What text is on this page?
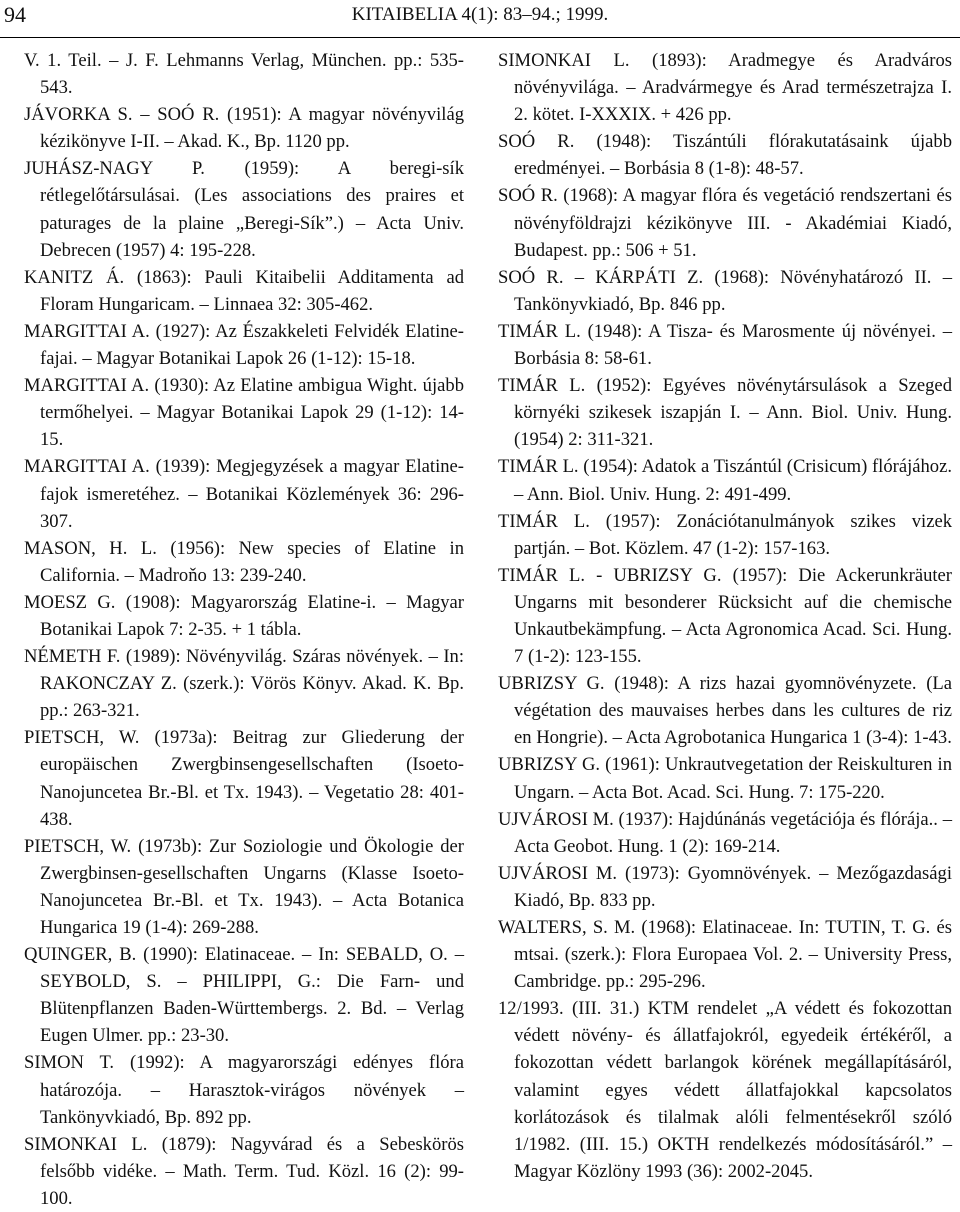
94	KITAIBELIA 4(1): 83–94.; 1999.

V. 1. Teil. – J. F. Lehmanns Verlag, München. pp.: 535-543.

JÁVORKA S. – SOÓ R. (1951): A magyar növényvilág kézikönyve I-II. – Akad. K., Bp. 1120 pp.

JUHÁSZ-NAGY P. (1959): A beregi-sík rétlegelőtársulásai. (Les associations des praires et paturages de la plaine „Beregi-Sík”.) – Acta Univ. Debrecen (1957) 4: 195-228.

KANITZ Á. (1863): Pauli Kitaibelii Additamenta ad Floram Hungaricam. – Linnaea 32: 305-462.

MARGITTAI A. (1927): Az Északkeleti Felvidék Elatine-fajai. – Magyar Botanikai Lapok 26 (1-12): 15-18.

MARGITTAI A. (1930): Az Elatine ambigua Wight. újabb termőhelyei. – Magyar Botanikai Lapok 29 (1-12): 14-15.

MARGITTAI A. (1939): Megjegyzések a magyar Elatine-fajok ismeretéhez. – Botanikai Közlemények 36: 296-307.

MASON, H. L. (1956): New species of Elatine in California. – Madroňo 13: 239-240.

MOESZ G. (1908): Magyarország Elatine-i. – Magyar Botanikai Lapok 7: 2-35. + 1 tábla.

NÉMETH F. (1989): Növényvilág. Száras növények. – In: RAKONCZAY Z. (szerk.): Vörös Könyv. Akad. K. Bp. pp.: 263-321.

PIETSCH, W. (1973a): Beitrag zur Gliederung der europäischen Zwergbinsengesellschaften (Isoeto-Nanojuncetea Br.-Bl. et Tx. 1943). – Vegetatio 28: 401-438.

PIETSCH, W. (1973b): Zur Soziologie und Ökologie der Zwergbinsen-gesellschaften Ungarns (Klasse Isoeto-Nanojuncetea Br.-Bl. et Tx. 1943). – Acta Botanica Hungarica 19 (1-4): 269-288.

QUINGER, B. (1990): Elatinaceae. – In: SEBALD, O. – SEYBOLD, S. – PHILIPPI, G.: Die Farn- und Blütenpflanzen Baden-Württembergs. 2. Bd. – Verlag Eugen Ulmer. pp.: 23-30.

SIMON T. (1992): A magyarországi edényes flóra határozója. – Harasztok-virágos növények – Tankönyvkiadó, Bp. 892 pp.

SIMONKAI L. (1879): Nagyvárad és a Sebeskörös felsőbb vidéke. – Math. Term. Tud. Közl. 16 (2): 99-100.

SIMONKAI L. (1893): Aradmegye és Aradváros növényvilága. – Aradvármegye és Arad természetrajza I. 2. kötet. I-XXXIX. + 426 pp.

SOÓ R. (1948): Tiszántúli flórakutatásaink újabb eredményei. – Borbásia 8 (1-8): 48-57.

SOÓ R. (1968): A magyar flóra és vegetáció rendszertani és növényföldrajzi kézikönyve III. - Akadémiai Kiadó, Budapest. pp.: 506 + 51.

SOÓ R. – KÁRPÁTI Z. (1968): Növényhatározó II. – Tankönyvkiadó, Bp. 846 pp.

TIMÁR L. (1948): A Tisza- és Marosmente új növényei. – Borbásia 8: 58-61.

TIMÁR L. (1952): Egyéves növénytársulások a Szeged környéki szikesek iszapján I. – Ann. Biol. Univ. Hung. (1954) 2: 311-321.

TIMÁR L. (1954): Adatok a Tiszántúl (Crisicum) flórájához. – Ann. Biol. Univ. Hung. 2: 491-499.

TIMÁR L. (1957): Zonációtanulmányok szikes vizek partján. – Bot. Közlem. 47 (1-2): 157-163.

TIMÁR L. - UBRIZSY G. (1957): Die Ackerunkräuter Ungarns mit besonderer Rücksicht auf die chemische Unkautbekämpfung. – Acta Agronomica Acad. Sci. Hung. 7 (1-2): 123-155.

UBRIZSY G. (1948): A rizs hazai gyomnövényzete. (La végétation des mauvaises herbes dans les cultures de riz en Hongrie). – Acta Agrobotanica Hungarica 1 (3-4): 1-43.

UBRIZSY G. (1961): Unkrautvegetation der Reiskulturen in Ungarn. – Acta Bot. Acad. Sci. Hung. 7: 175-220.

UJVÁROSI M. (1937): Hajdúnánás vegetációja és flórája.. – Acta Geobot. Hung. 1 (2): 169-214.

UJVÁROSI M. (1973): Gyomnövények. – Mezőgazdasági Kiadó, Bp. 833 pp.

WALTERS, S. M. (1968): Elatinaceae. In: TUTIN, T. G. és mtsai. (szerk.): Flora Europaea Vol. 2. – University Press, Cambridge. pp.: 295-296.

12/1993. (III. 31.) KTM rendelet „A védett és fokozottan védett növény- és állatfajokról, egyedeik értékéről, a fokozottan védett barlangok körének megállapításáról, valamint egyes védett állatfajokkal kapcsolatos korlátozások és tilalmak alóli felmentésekről szóló 1/1982. (III. 15.) OKTH rendelkezés módosításáról.” – Magyar Közlöny 1993 (36): 2002-2045.
